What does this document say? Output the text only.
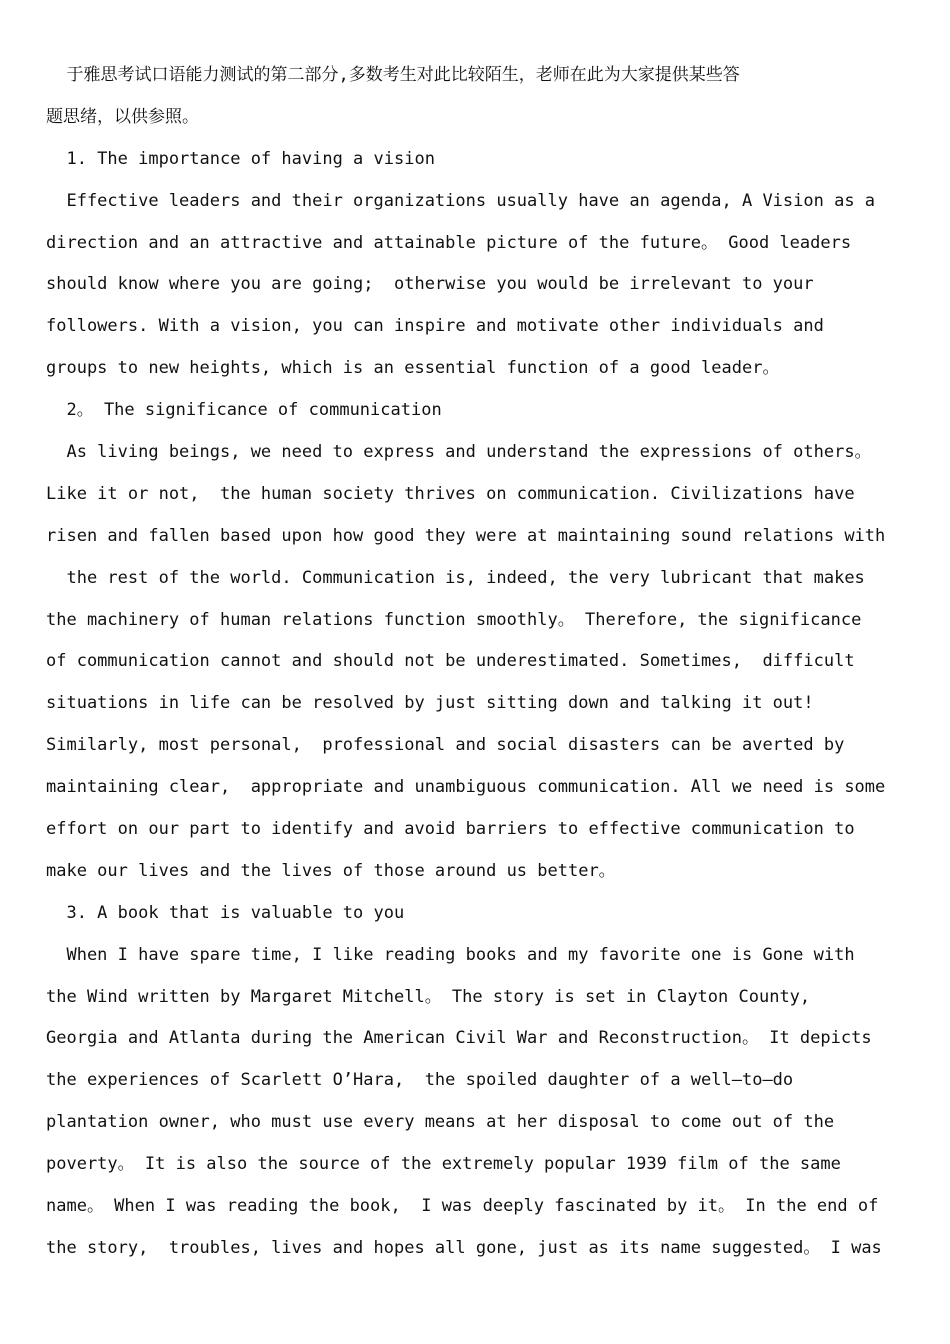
于雅思考试口语能力测试的第二部分,多数考生对此比较陌生，老师在此为大家提供某些答
题思绪，以供参照。
1. The importance of having a vision
Effective leaders and their organizations usually have an agenda, A Vision as a
direction and an attractive and attainable picture of the future。 Good leaders
should know where you are going;  otherwise you would be irrelevant to your
followers. With a vision, you can inspire and motivate other individuals and
groups to new heights, which is an essential function of a good leader。
2。 The significance of communication
As living beings, we need to express and understand the expressions of others。
Like it or not,  the human society thrives on communication. Civilizations have
risen and fallen based upon how good they were at maintaining sound relations with
the rest of the world. Communication is, indeed, the very lubricant that makes
the machinery of human relations function smoothly。 Therefore, the significance
of communication cannot and should not be underestimated. Sometimes,  difficult
situations in life can be resolved by just sitting down and talking it out!
Similarly, most personal,  professional and social disasters can be averted by
maintaining clear,  appropriate and unambiguous communication. All we need is some
effort on our part to identify and avoid barriers to effective communication to
make our lives and the lives of those around us better。
3. A book that is valuable to you
When I have spare time, I like reading books and my favorite one is Gone with
the Wind written by Margaret Mitchell。 The story is set in Clayton County,
Georgia and Atlanta during the American Civil War and Reconstruction。 It depicts
the experiences of Scarlett O’Hara,  the spoiled daughter of a well—to—do
plantation owner, who must use every means at her disposal to come out of the
poverty。 It is also the source of the extremely popular 1939 film of the same
name。 When I was reading the book,  I was deeply fascinated by it。 In the end of
the story,  troubles, lives and hopes all gone, just as its name suggested。 I was
